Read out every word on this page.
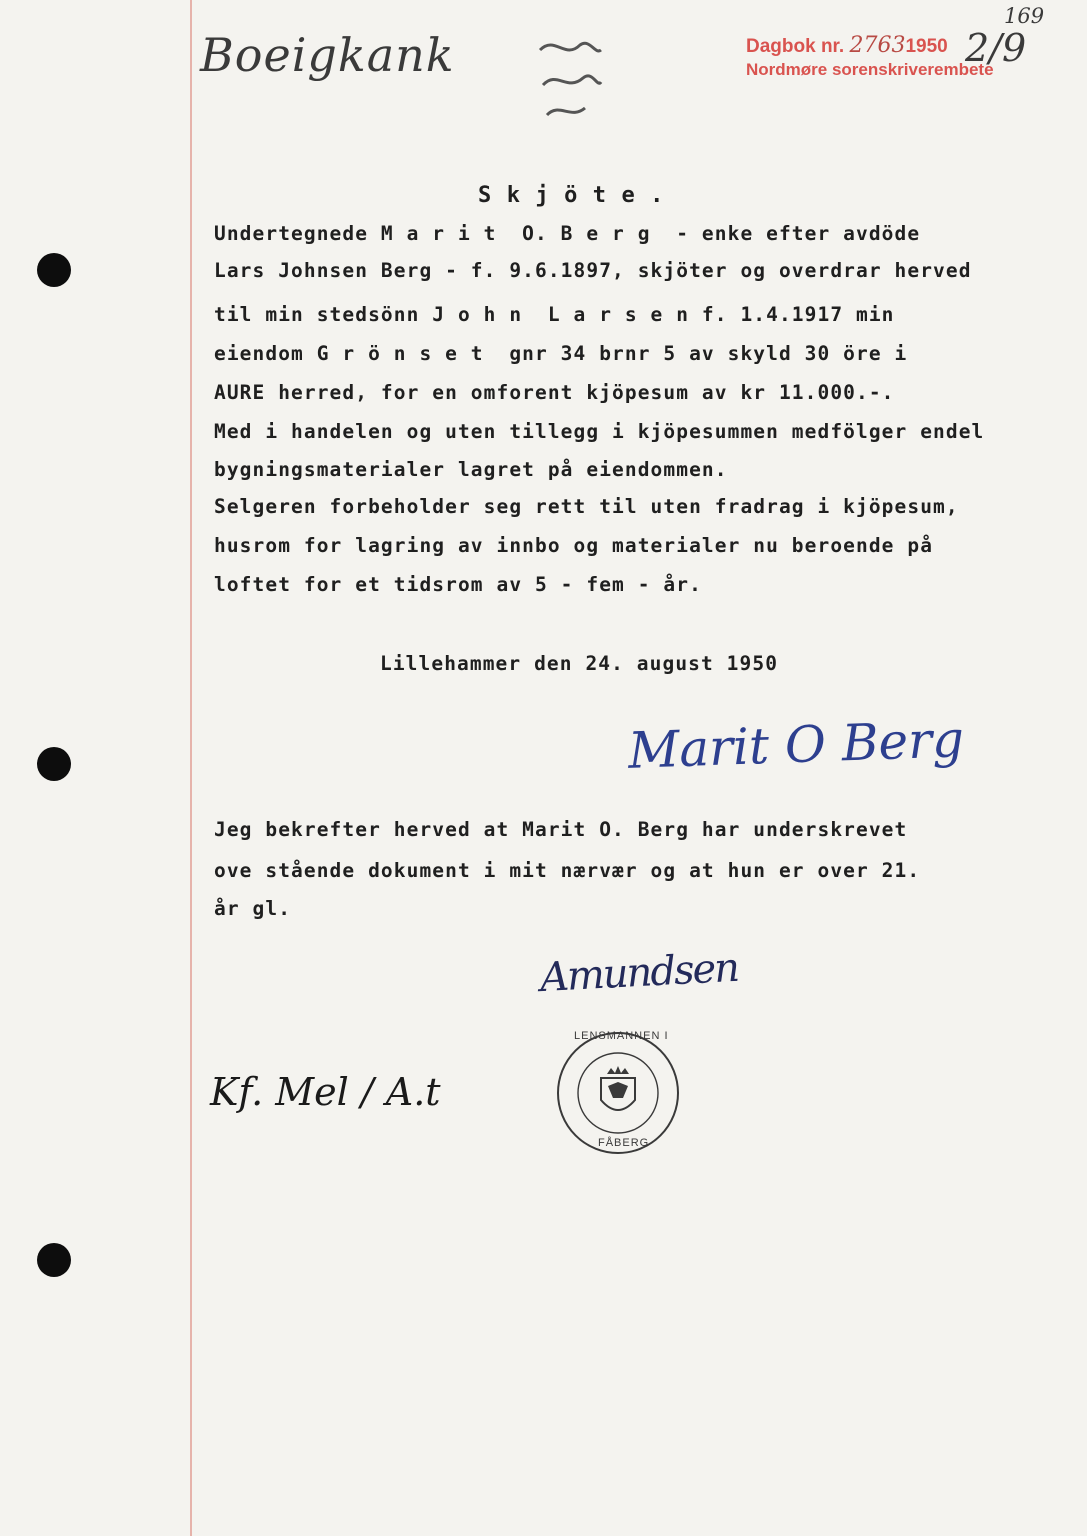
Boeigkank	Dagbok nr. 27631950 2/9
169
Nordmøre sorenskriverembete
S k j ö t e .
Undertegnede M a r i t  O. B e r g  - enke efter avdöde
Lars Johnsen Berg - f. 9.6.1897, skjöter og overdrar herved
til min stedsönn J o h n  L a r s e n f. 1.4.1917 min
eiendom G r ö n s e t  gnr 34 brnr 5 av skyld 30 öre i
AURE herred, for en omforent kjöpesum av kr 11.000.-.
Med i handelen og uten tillegg i kjöpesummen medfölger endel
bygningsmaterialer lagret på eiendommen.
Selgeren forbeholder seg rett til uten fradrag i kjöpesum,
husrom for lagring av innbo og materialer nu beroende på
loftet for et tidsrom av 5 - fem - år.
Lillehammer den 24. august 1950
Marit O Berg
Jeg bekrefter herved at Marit O. Berg har underskrevet
ove stående dokument i mit nærvær og at hun er over 21.
år gl.
Amundsen
LENSMANNEN I
FÅBERG
Kf. Mel / A.t
